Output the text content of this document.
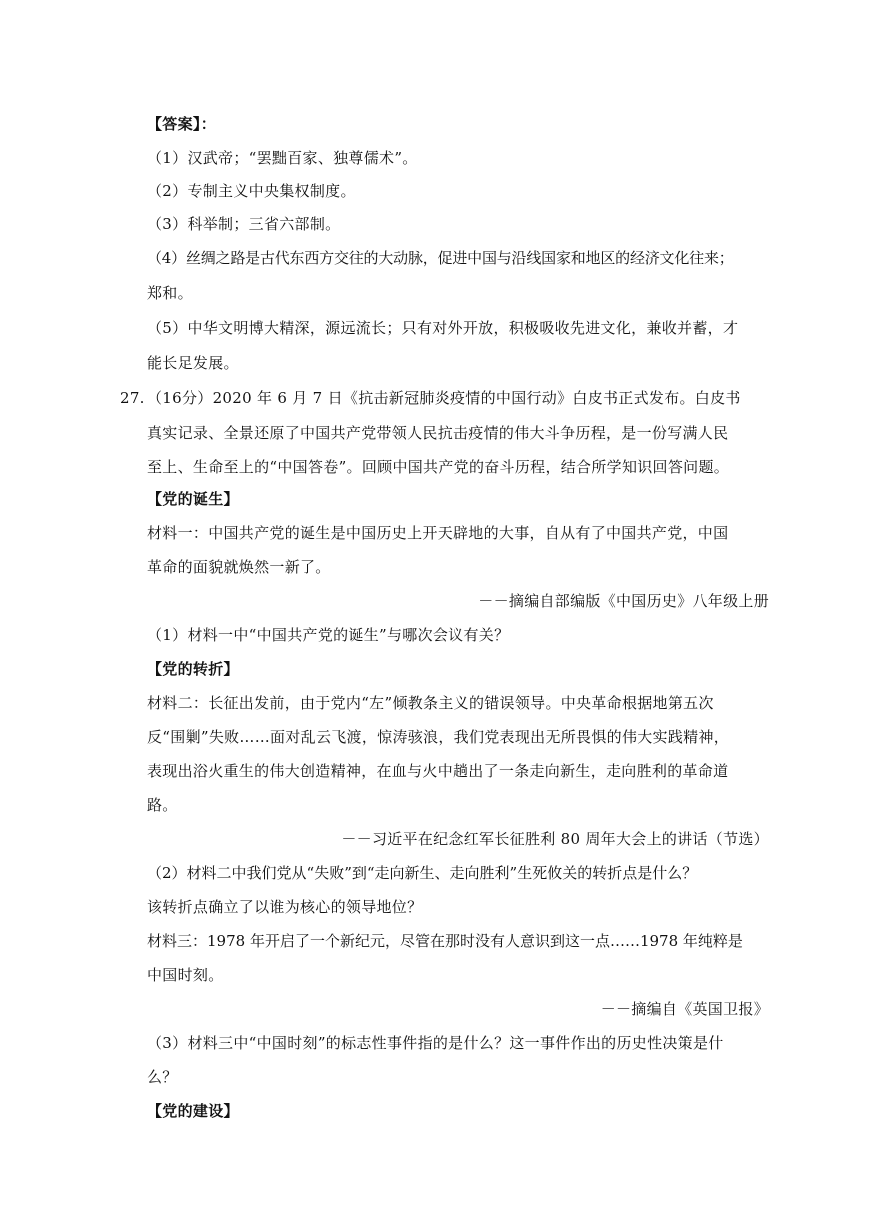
【答案】：
（1）汉武帝；“罢黜百家、独尊儒术”。
（2）专制主义中央集权制度。
（3）科举制；三省六部制。
（4）丝绸之路是古代东西方交往的大动脉，促进中国与沿线国家和地区的经济文化往来；
郑和。
（5）中华文明博大精深，源远流长；只有对外开放，积极吸收先进文化，兼收并蓄，才
能长足发展。
27. （16分）2020 年 6 月 7 日《抗击新冠肺炎疫情的中国行动》白皮书正式发布。白皮书
真实记录、全景还原了中国共产党带领人民抗击疫情的伟大斗争历程，是一份写满人民
至上、生命至上的“中国答卷”。回顾中国共产党的奋斗历程，结合所学知识回答问题。
【党的诞生】
材料一：中国共产党的诞生是中国历史上开天辟地的大事，自从有了中国共产党，中国
革命的面貌就焕然一新了。
－－摘编自部编版《中国历史》八年级上册
（1）材料一中“中国共产党的诞生”与哪次会议有关？
【党的转折】
材料二：长征出发前，由于党内“左”倾教条主义的错误领导。中央革命根据地第五次
反“围剿”失败……面对乱云飞渡，惊涛骇浪，我们党表现出无所畏惧的伟大实践精神，
表现出浴火重生的伟大创造精神，在血与火中趟出了一条走向新生，走向胜利的革命道
路。
－－习近平在纪念红军长征胜利 80 周年大会上的讲话（节选）
（2）材料二中我们党从“失败”到“走向新生、走向胜利”生死攸关的转折点是什么？
该转折点确立了以谁为核心的领导地位？
材料三：1978 年开启了一个新纪元，尽管在那时没有人意识到这一点……1978 年纯粹是
中国时刻。
－－摘编自《英国卫报》
（3）材料三中“中国时刻”的标志性事件指的是什么？这一事件作出的历史性决策是什
么？
【党的建设】
